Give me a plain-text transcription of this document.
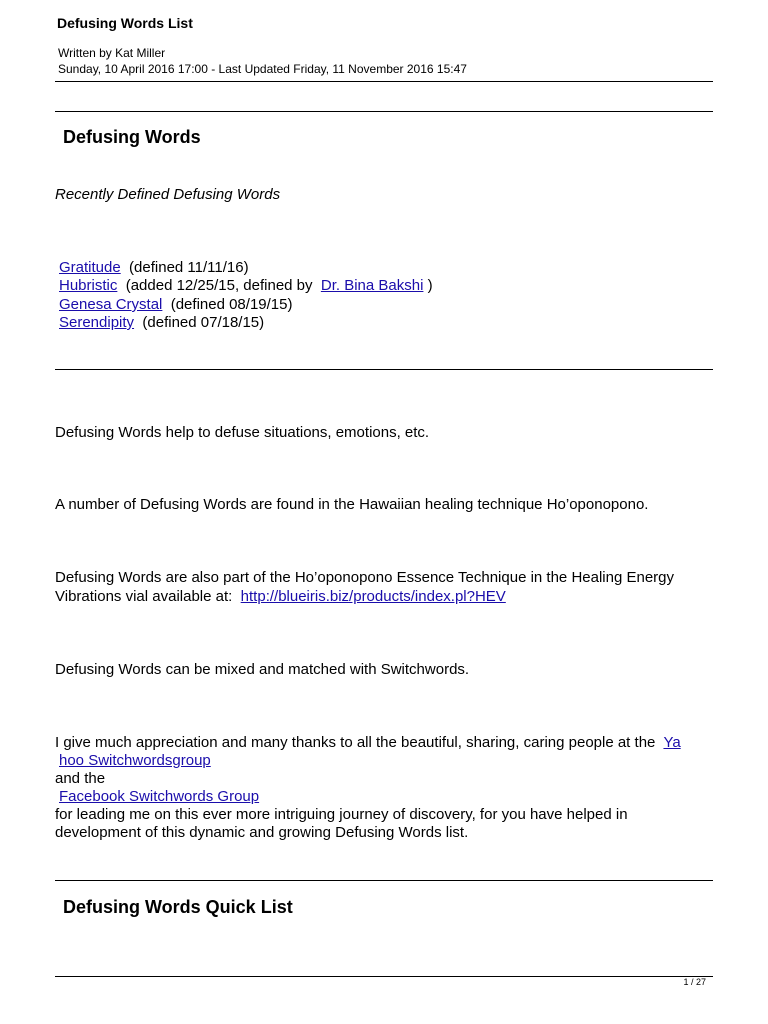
Defusing Words List
Written by Kat Miller
Sunday, 10 April 2016 17:00 - Last Updated Friday, 11 November 2016 15:47
Defusing Words
Recently Defined Defusing Words
Gratitude (defined 11/11/16)
Hubristic (added 12/25/15, defined by Dr. Bina Bakshi )
Genesa Crystal (defined 08/19/15)
Serendipity (defined 07/18/15)
Defusing Words help to defuse situations, emotions, etc.
A number of Defusing Words are found in the Hawaiian healing technique Ho’oponopono.
Defusing Words are also part of the Ho’oponopono Essence Technique in the Healing Energy
Vibrations vial available at: http://blueiris.biz/products/index.pl?HEV
Defusing Words can be mixed and matched with Switchwords.
I give much appreciation and many thanks to all the beautiful, sharing, caring people at the Ya
hoo Switchwordsgroup
and the
Facebook Switchwords Group
for leading me on this ever more intriguing journey of discovery, for you have helped in
development of this dynamic and growing Defusing Words list.
Defusing Words Quick List
1 / 27
